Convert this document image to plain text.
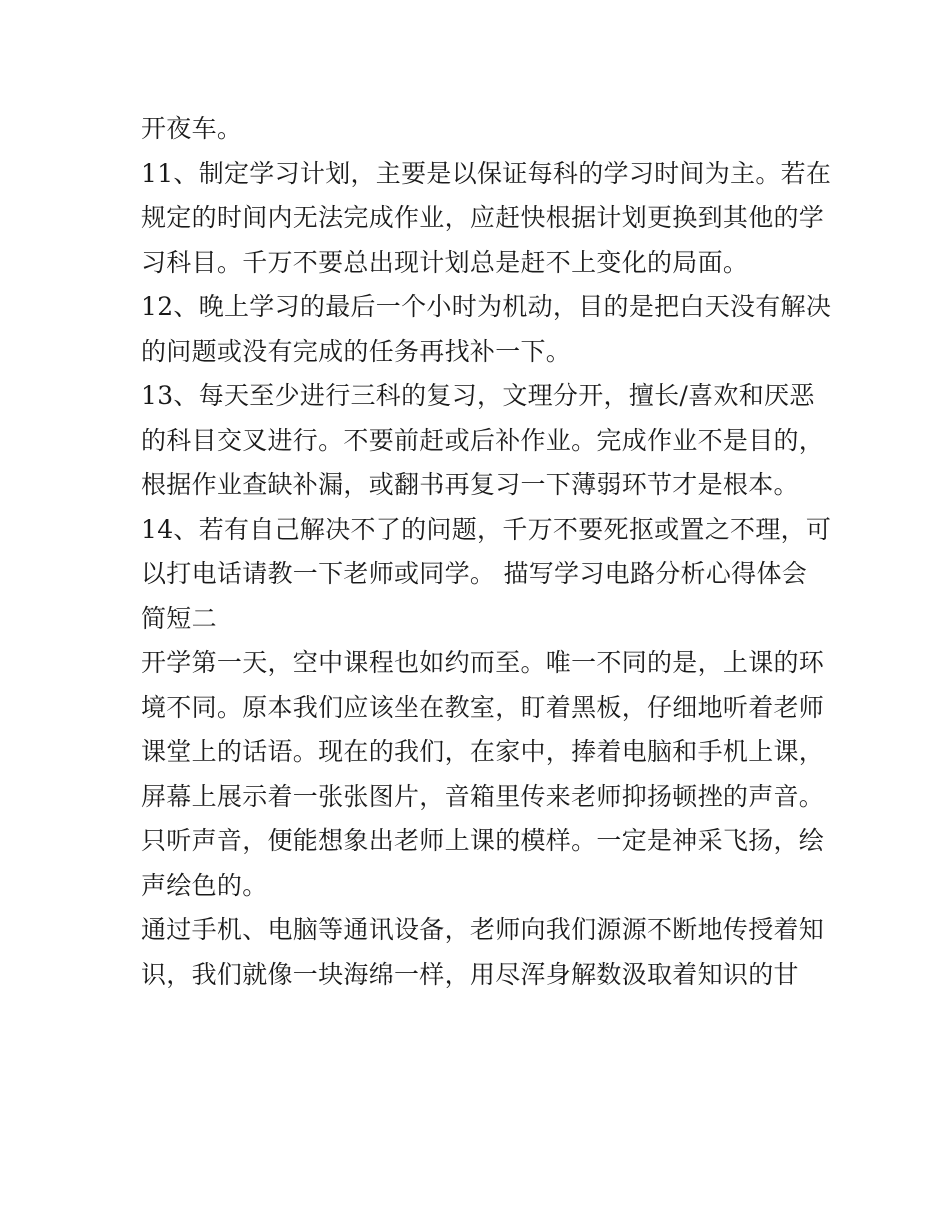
开夜车。
11、制定学习计划，主要是以保证每科的学习时间为主。若在
规定的时间内无法完成作业，应赶快根据计划更换到其他的学
习科目。千万不要总出现计划总是赶不上变化的局面。
12、晚上学习的最后一个小时为机动，目的是把白天没有解决
的问题或没有完成的任务再找补一下。
13、每天至少进行三科的复习，文理分开，擅长/喜欢和厌恶
的科目交叉进行。不要前赶或后补作业。完成作业不是目的，
根据作业查缺补漏，或翻书再复习一下薄弱环节才是根本。
14、若有自己解决不了的问题，千万不要死抠或置之不理，可
以打电话请教一下老师或同学。 描写学习电路分析心得体会
简短二
开学第一天，空中课程也如约而至。唯一不同的是，上课的环
境不同。原本我们应该坐在教室，盯着黑板，仔细地听着老师
课堂上的话语。现在的我们，在家中，捧着电脑和手机上课，
屏幕上展示着一张张图片，音箱里传来老师抑扬顿挫的声音。
只听声音，便能想象出老师上课的模样。一定是神采飞扬，绘
声绘色的。
通过手机、电脑等通讯设备，老师向我们源源不断地传授着知
识，我们就像一块海绵一样，用尽浑身解数汲取着知识的甘
